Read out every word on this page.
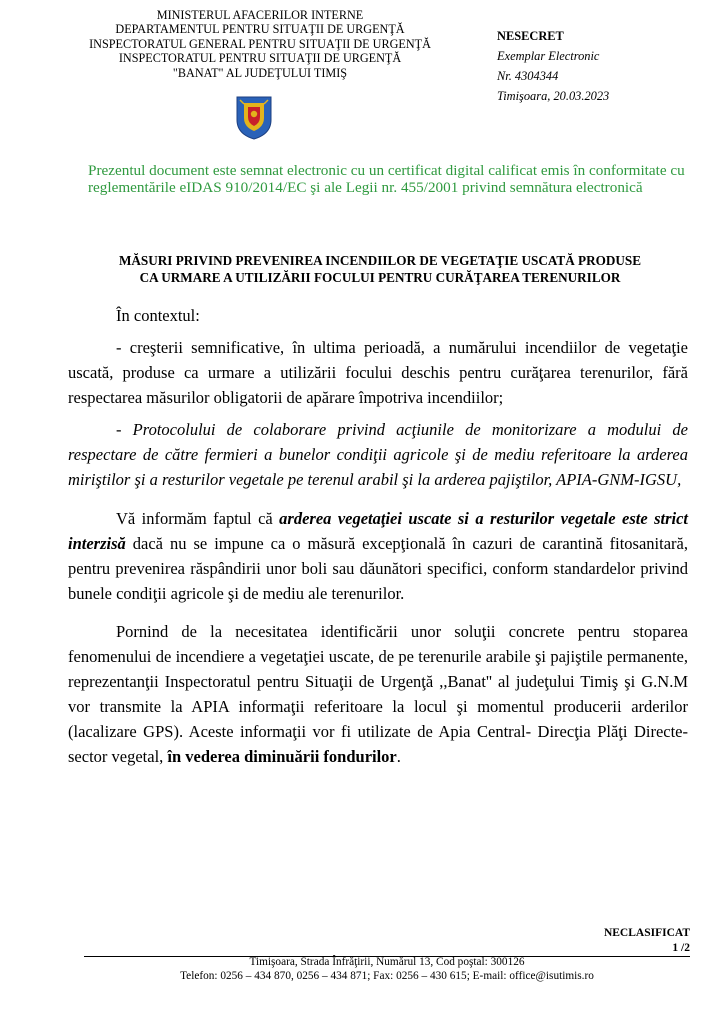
MINISTERUL AFACERILOR INTERNE
DEPARTAMENTUL PENTRU SITUAŢII DE URGENŢĂ
INSPECTORATUL GENERAL PENTRU SITUAŢII DE URGENŢĂ
INSPECTORATUL PENTRU SITUAŢII DE URGENŢĂ
"BANAT" AL JUDEŢULUI TIMIŞ
NESECRET
Exemplar Electronic
Nr. 4304344
Timişoara, 20.03.2023
Prezentul document este semnat electronic cu un certificat digital calificat emis în conformitate cu reglementările eIDAS 910/2014/EC şi ale Legii nr. 455/2001 privind semnătura electronică
MĂSURI PRIVIND PREVENIREA INCENDIILOR DE VEGETAŢIE USCATĂ PRODUSE
CA URMARE A UTILIZĂRII FOCULUI PENTRU CURĂŢAREA TERENURILOR

În contextul:

- creşterii semnificative, în ultima perioadă, a numărului incendiilor de vegetaţie uscată, produse ca urmare a utilizării focului deschis pentru curăţarea terenurilor, fără respectarea măsurilor obligatorii de apărare împotriva incendiilor;

- Protocolului de colaborare privind acţiunile de monitorizare a modului de respectare de către fermieri a bunelor condiţii agricole şi de mediu referitoare la arderea miriştilor şi a resturilor vegetale pe terenul arabil şi la arderea pajiştilor, APIA-GNM-IGSU,

Vă informăm faptul că arderea vegetaţiei uscate si a resturilor vegetale este strict interzisă dacă nu se impune ca o măsură excepţională în cazuri de carantină fitosanitară, pentru prevenirea răspândirii unor boli sau dăunători specifici, conform standardelor privind bunele condiţii agricole şi de mediu ale terenurilor.

Pornind de la necesitatea identificării unor soluţii concrete pentru stoparea fenomenului de incendiere a vegetaţiei uscate, de pe terenurile arabile şi pajiştile permanente, reprezentanţii Inspectoratul pentru Situaţii de Urgenţă ,,Banat'' al judeţului Timiş şi G.N.M vor transmite la APIA informaţii referitoare la locul şi momentul producerii arderilor (lacalizare GPS). Aceste informaţii vor fi utilizate de Apia Central- Direcţia Plăţi Directe-sector vegetal, în vederea diminuării fondurilor.

NECLASIFICAT
1 /2
Timişoara, Strada Înfrăţirii, Numărul 13, Cod poştal: 300126
Telefon: 0256 – 434 870, 0256 – 434 871; Fax: 0256 – 430 615; E-mail: office@isutimis.ro
